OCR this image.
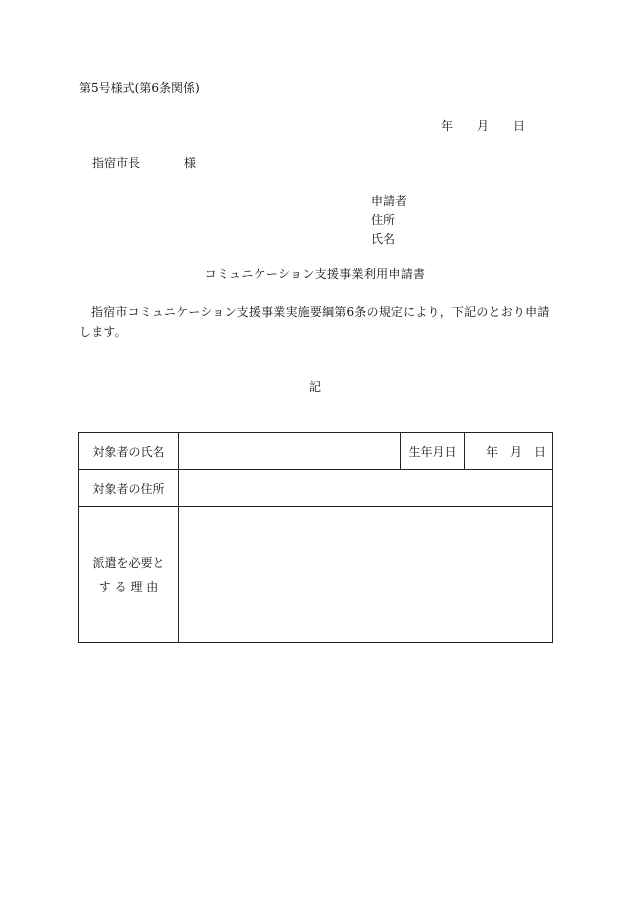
第5号様式(第6条関係)
年 月 日
指宿市長	様
申請者
住所
氏名
コミュニケーション支援事業利用申請書
指宿市コミュニケーション支援事業実施要綱第6条の規定により，下記のとおり申請します。
記
対象者の氏名		生年月日	年　月　日
対象者の住所			

派遣を必要と
す る 理 由			
